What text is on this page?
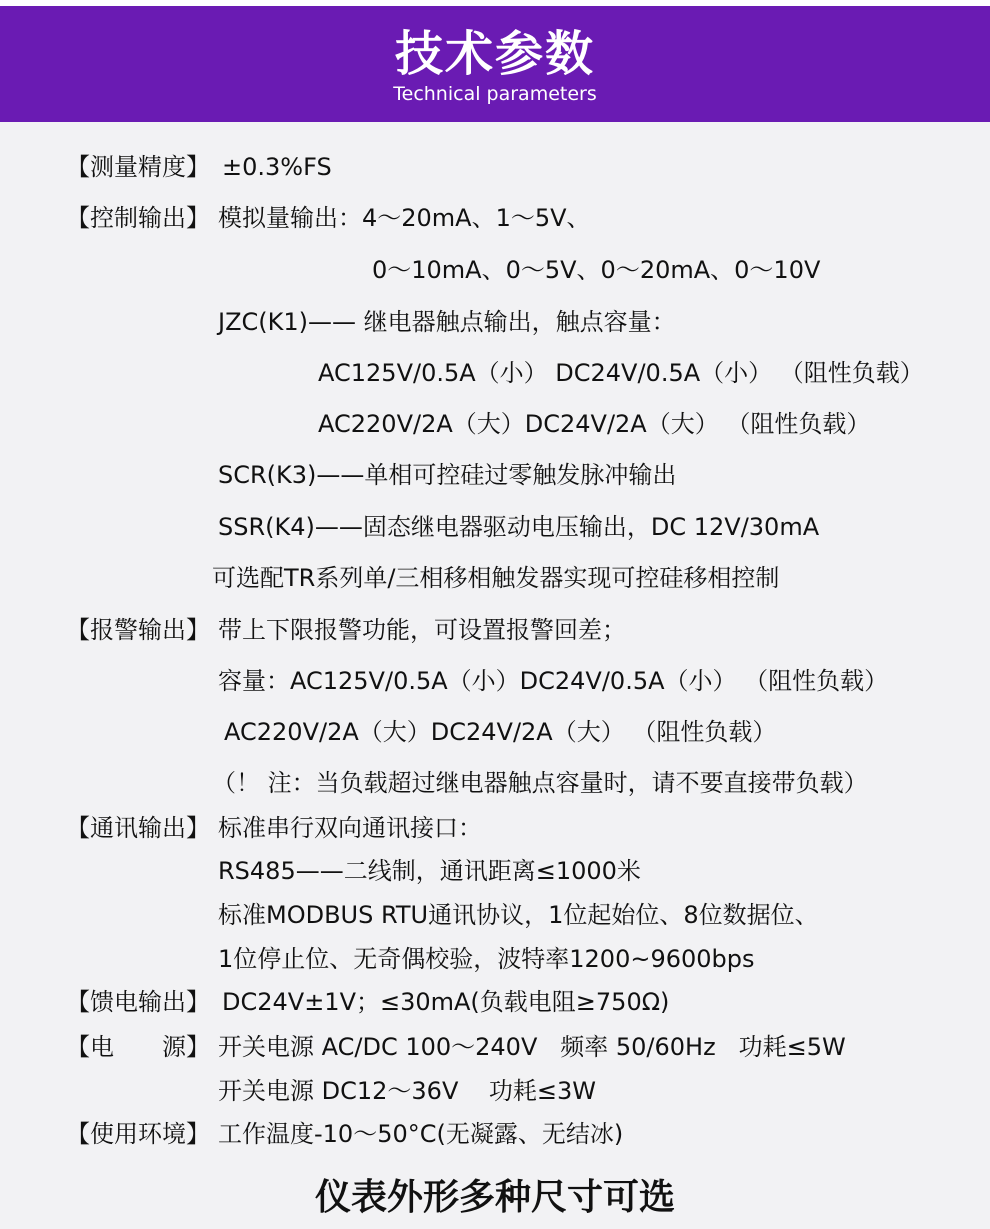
技术参数
Technical parameters
【测量精度】 ±0.3%FS
【控制输出】 模拟量输出：4～20mA、1～5V、
0～10mA、0～5V、0～20mA、0～10V
JZC(K1)—— 继电器触点输出，触点容量：
AC125V/0.5A（小） DC24V/0.5A（小） （阻性负载）
AC220V/2A（大）DC24V/2A（大） （阻性负载）
SCR(K3)——单相可控硅过零触发脉冲输出
SSR(K4)——固态继电器驱动电压输出，DC 12V/30mA
可选配TR系列单/三相移相触发器实现可控硅移相控制
【报警输出】 带上下限报警功能，可设置报警回差；
容量：AC125V/0.5A（小）DC24V/0.5A（小） （阻性负载）
AC220V/2A（大）DC24V/2A（大） （阻性负载）
（！ 注：当负载超过继电器触点容量时，请不要直接带负载）
【通讯输出】 标准串行双向通讯接口：
RS485——二线制，通讯距离≤1000米
标准MODBUS RTU通讯协议，1位起始位、8位数据位、
1位停止位、无奇偶校验，波特率1200~9600bps
【馈电输出】 DC24V±1V；≤30mA(负载电阻≥750Ω)
【电　　源】 开关电源 AC/DC 100～240V   频率 50/60Hz   功耗≤5W
开关电源 DC12～36V    功耗≤3W
【使用环境】 工作温度-10～50°C(无凝露、无结冰)
仪表外形多种尺寸可选
